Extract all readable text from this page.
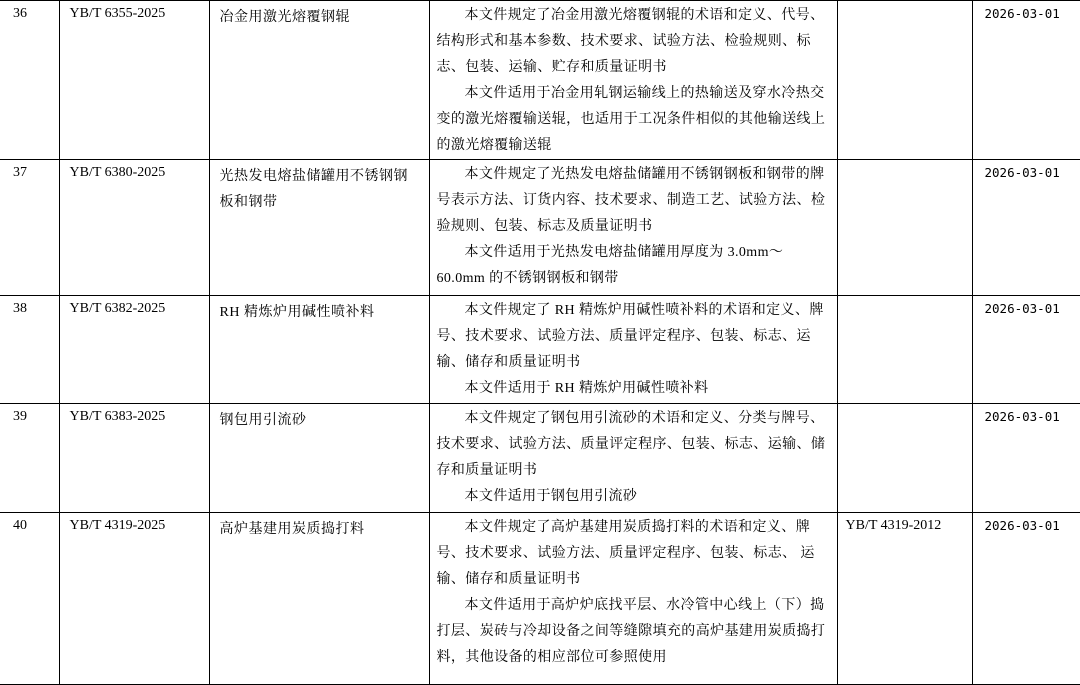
36	YB/T 6355-2025	冶金用激光熔覆钢辊	本文件规定了冶金用激光熔覆钢辊的术语和定义、代号、结构形式和基本参数、技术要求、试验方法、检验规则、标志、包装、运输、贮存和质量证明书
本文件适用于冶金用轧钢运输线上的热输送及穿水冷热交变的激光熔覆输送辊，也适用于工况条件相似的其他输送线上的激光熔覆输送辊		2026-03-01
37	YB/T 6380-2025	光热发电熔盐储罐用不锈钢钢板和钢带	本文件规定了光热发电熔盐储罐用不锈钢钢板和钢带的牌号表示方法、订货内容、技术要求、制造工艺、试验方法、检验规则、包装、标志及质量证明书
本文件适用于光热发电熔盐储罐用厚度为 3.0mm～60.0mm 的不锈钢钢板和钢带		2026-03-01
38	YB/T 6382-2025	RH 精炼炉用碱性喷补料	本文件规定了 RH 精炼炉用碱性喷补料的术语和定义、牌号、技术要求、试验方法、质量评定程序、包装、标志、运输、储存和质量证明书
本文件适用于 RH 精炼炉用碱性喷补料		2026-03-01
39	YB/T 6383-2025	钢包用引流砂	本文件规定了钢包用引流砂的术语和定义、分类与牌号、技术要求、试验方法、质量评定程序、包装、标志、运输、储存和质量证明书
本文件适用于钢包用引流砂		2026-03-01
40	YB/T 4319-2025	高炉基建用炭质捣打料	本文件规定了高炉基建用炭质捣打料的术语和定义、牌号、技术要求、试验方法、质量评定程序、包装、标志、 运输、储存和质量证明书
本文件适用于高炉炉底找平层、水冷管中心线上（下）捣打层、炭砖与冷却设备之间等缝隙填充的高炉基建用炭质捣打料，其他设备的相应部位可参照使用	YB/T 4319-2012	2026-03-01
